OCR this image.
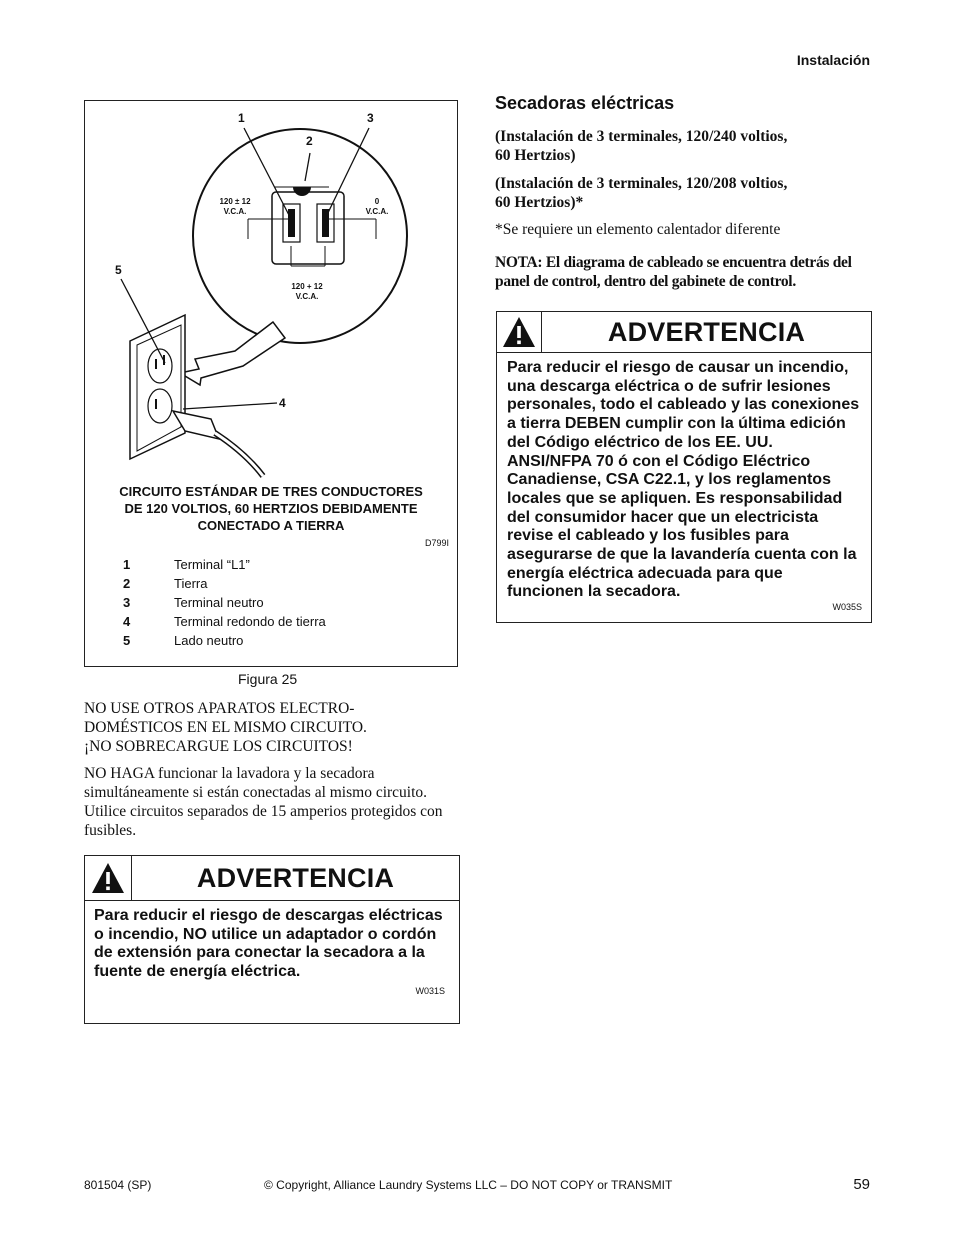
Instalación
1
2
3
5
4
120 ± 12
V.C.A.
0
V.C.A.
120 + 12
V.C.A.
CIRCUITO ESTÁNDAR DE TRES CONDUCTORES
DE 120 VOLTIOS, 60 HERTZIOS DEBIDAMENTE
CONECTADO A TIERRA
D799I
1	Terminal “L1”
2	Tierra
3	Terminal neutro
4	Terminal redondo de tierra
5	Lado neutro
Figura 25
NO USE OTROS APARATOS ELECTRO-
DOMÉSTICOS EN EL MISMO CIRCUITO.
¡NO SOBRECARGUE LOS CIRCUITOS!
NO HAGA funcionar la lavadora y la secadora simultáneamente si están conectadas al mismo circuito. Utilice circuitos separados de 15 amperios protegidos con fusibles.
ADVERTENCIA
Para reducir el riesgo de descargas eléctricas o incendio, NO utilice un adaptador o cordón de extensión para conectar la secadora a la fuente de energía eléctrica.
W031S
Secadoras eléctricas
(Instalación de 3 terminales, 120/240 voltios,
60 Hertzios)
(Instalación de 3 terminales, 120/208 voltios,
60 Hertzios)*
*Se requiere un elemento calentador diferente
NOTA: El diagrama de cableado se encuentra detrás del panel de control, dentro del gabinete de control.
ADVERTENCIA
Para reducir el riesgo de causar un incendio, una descarga eléctrica o de sufrir lesiones personales, todo el cableado y las conexiones a tierra DEBEN cumplir con la última edición del Código eléctrico de los EE. UU. ANSI/NFPA 70 ó con el Código Eléctrico Canadiense, CSA C22.1, y los reglamentos locales que se apliquen. Es responsabilidad del consumidor hacer que un electricista revise el cableado y los fusibles para asegurarse de que la lavandería cuenta con la energía eléctrica adecuada para que funcionen la secadora.
W035S
801504 (SP)	© Copyright, Alliance Laundry Systems LLC – DO NOT COPY or TRANSMIT	59
